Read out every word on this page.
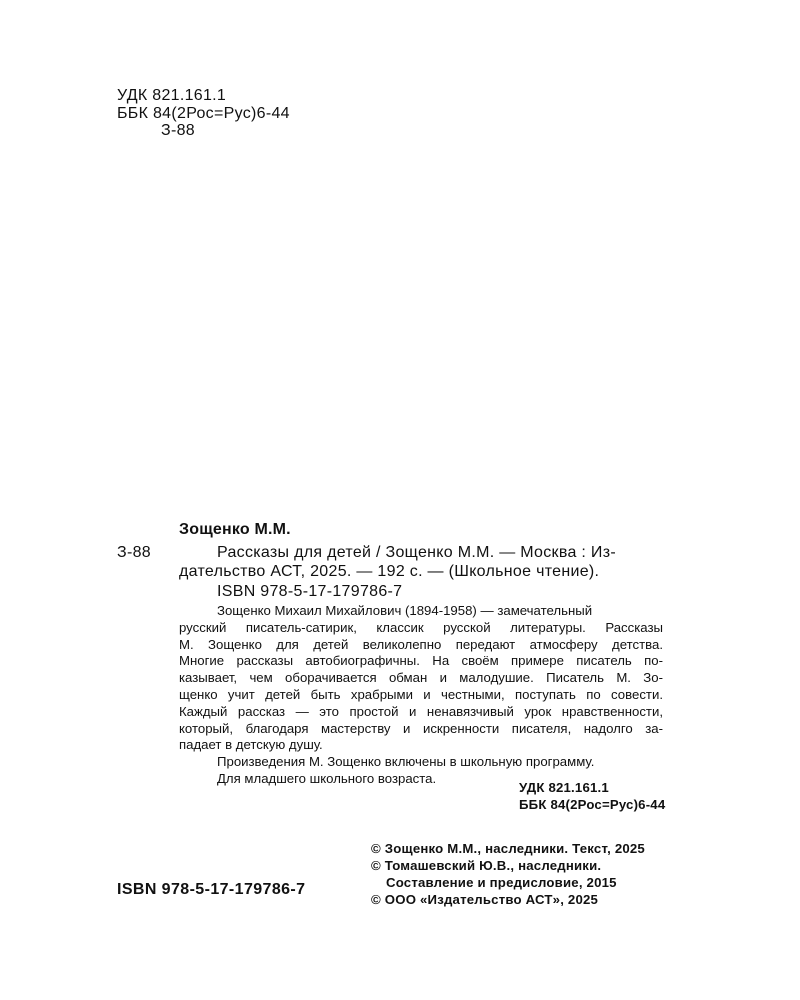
УДК 821.161.1
ББК 84(2Рос=Рус)6-44
З-88
Зощенко М.М.
З-88	Рассказы для детей / Зощенко М.М. — Москва : Из-
дательство АСТ, 2025. — 192 с. — (Школьное чтение).
ISBN 978-5-17-179786-7
Зощенко Михаил Михайлович (1894-1958) — замечательный
русский писатель-сатирик, классик русской литературы. Рассказы
М. Зощенко для детей великолепно передают атмосферу детства.
Многие рассказы автобиографичны. На своём примере писатель по-
казывает, чем оборачивается обман и малодушие. Писатель М. Зо-
щенко учит детей быть храбрыми и честными, поступать по совести.
Каждый рассказ — это простой и ненавязчивый урок нравственности,
который, благодаря мастерству и искренности писателя, надолго за-
падает в детскую душу.
Произведения М. Зощенко включены в школьную программу.
Для младшего школьного возраста.
УДК 821.161.1
ББК 84(2Рос=Рус)6-44
© Зощенко М.М., наследники. Текст, 2025
© Томашевский Ю.В., наследники.
Составление и предисловие, 2015
© ООО «Издательство АСТ», 2025
ISBN 978-5-17-179786-7
